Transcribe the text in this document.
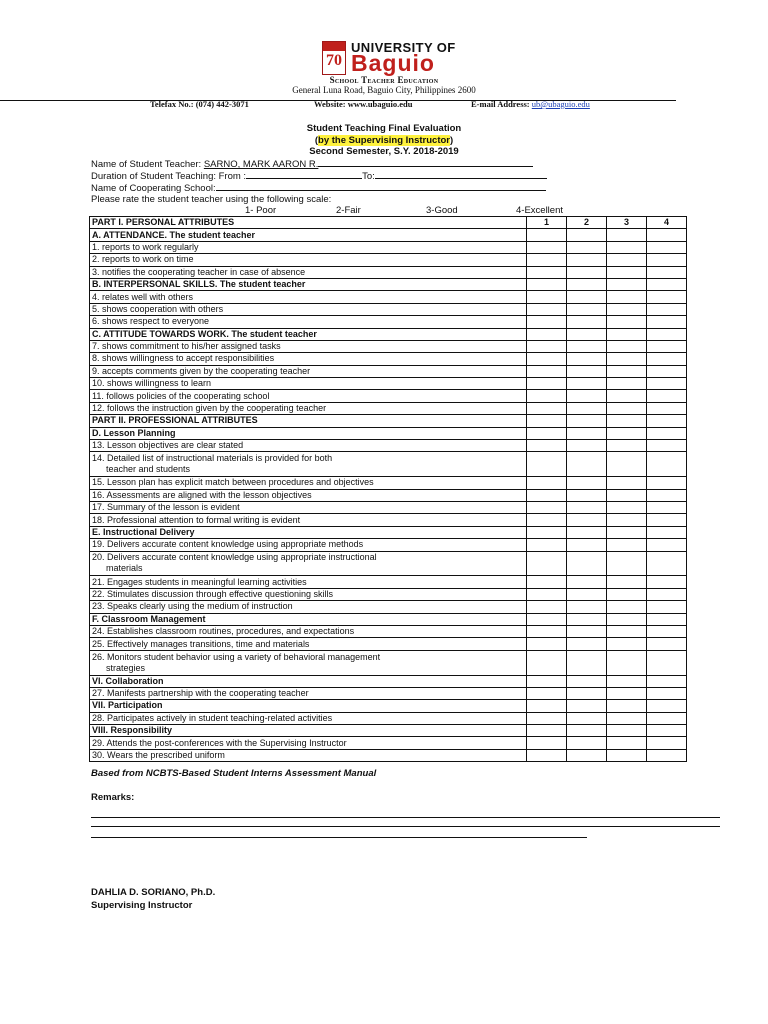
70
UNIVERSITY OF
Baguio
School Teacher Education
General Luna Road, Baguio City, Philippines 2600
Telefax No.: (074) 442-3071	Website: www.ubaguio.edu	E-mail Address: ub@ubaguio.edu
Student Teaching Final Evaluation
(by the Supervising Instructor)
Second Semester, S.Y. 2018-2019
Name of Student Teacher: SARNO, MARK AARON R.
Duration of Student Teaching: From :	To:
Name of Cooperating School:
Please rate the student teacher using the following scale:
1- Poor	2-Fair	3-Good	4-Excellent
PART I. PERSONAL ATTRIBUTES	1	2	3	4
A. ATTENDANCE. The student teacher				
1. reports to work regularly				
2. reports to work on time				
3. notifies the cooperating teacher in case of absence				
B. INTERPERSONAL SKILLS. The student teacher				
4. relates well with others				
5. shows cooperation with others				
6. shows respect to everyone				
C. ATTITUDE TOWARDS WORK. The student teacher				
7. shows commitment to his/her assigned tasks				
8. shows willingness to accept responsibilities				
9. accepts comments given by the cooperating teacher				
10. shows willingness to learn				
11. follows policies of the cooperating school				
12. follows the instruction given by the cooperating teacher				
PART II. PROFESSIONAL ATTRIBUTES				
D. Lesson Planning				
13. Lesson objectives are clear stated				
14. Detailed list of instructional materials is provided for both
teacher and students				

15. Lesson plan has explicit match between procedures and objectives				
16. Assessments are aligned with the lesson objectives				
17. Summary of the lesson is evident				
18. Professional attention to formal writing is evident				
E. Instructional Delivery				
19. Delivers accurate content knowledge using appropriate methods				
20. Delivers accurate content knowledge using appropriate instructional
materials				

21. Engages students in meaningful learning activities				
22. Stimulates discussion through effective questioning skills				
23. Speaks clearly using the medium of instruction				
F. Classroom Management				
24. Establishes classroom routines, procedures, and expectations				
25. Effectively manages transitions, time and materials				
26. Monitors student behavior using a variety of behavioral management
strategies				

VI. Collaboration				
27. Manifests partnership with the cooperating teacher				
VII. Participation				
28. Participates actively in student teaching-related activities				
VIII. Responsibility				
29. Attends the post-conferences with the Supervising Instructor				
30. Wears the prescribed uniform				
Based from NCBTS-Based Student Interns Assessment Manual
Remarks:
DAHLIA D. SORIANO, Ph.D.
Supervising Instructor
